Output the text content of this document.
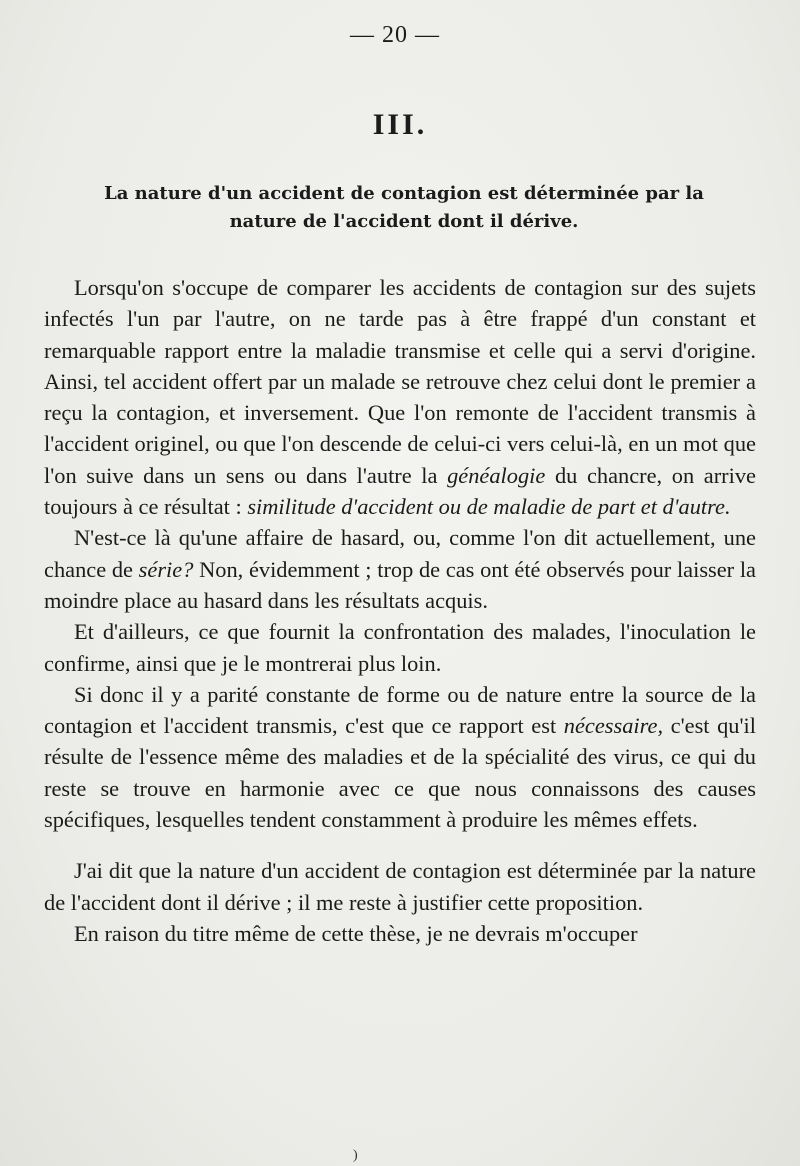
— 20 —
III.
La nature d'un accident de contagion est déterminée par la
nature de l'accident dont il dérive.

Lorsqu'on s'occupe de comparer les accidents de contagion sur des sujets infectés l'un par l'autre, on ne tarde pas à être frappé d'un constant et remarquable rapport entre la maladie transmise et celle qui a servi d'origine. Ainsi, tel accident offert par un malade se retrouve chez celui dont le premier a reçu la contagion, et inversement. Que l'on remonte de l'accident transmis à l'accident originel, ou que l'on descende de celui-ci vers celui-là, en un mot que l'on suive dans un sens ou dans l'autre la généalogie du chancre, on arrive toujours à ce résultat : similitude d'accident ou de maladie de part et d'autre.

N'est-ce là qu'une affaire de hasard, ou, comme l'on dit actuellement, une chance de série? Non, évidemment ; trop de cas ont été observés pour laisser la moindre place au hasard dans les résultats acquis.

Et d'ailleurs, ce que fournit la confrontation des malades, l'inoculation le confirme, ainsi que je le montrerai plus loin.

Si donc il y a parité constante de forme ou de nature entre la source de la contagion et l'accident transmis, c'est que ce rapport est nécessaire, c'est qu'il résulte de l'essence même des maladies et de la spécialité des virus, ce qui du reste se trouve en harmonie avec ce que nous connaissons des causes spécifiques, lesquelles tendent constamment à produire les mêmes effets.

J'ai dit que la nature d'un accident de contagion est déterminée par la nature de l'accident dont il dérive ; il me reste à justifier cette proposition.

En raison du titre même de cette thèse, je ne devrais m'occuper

)
